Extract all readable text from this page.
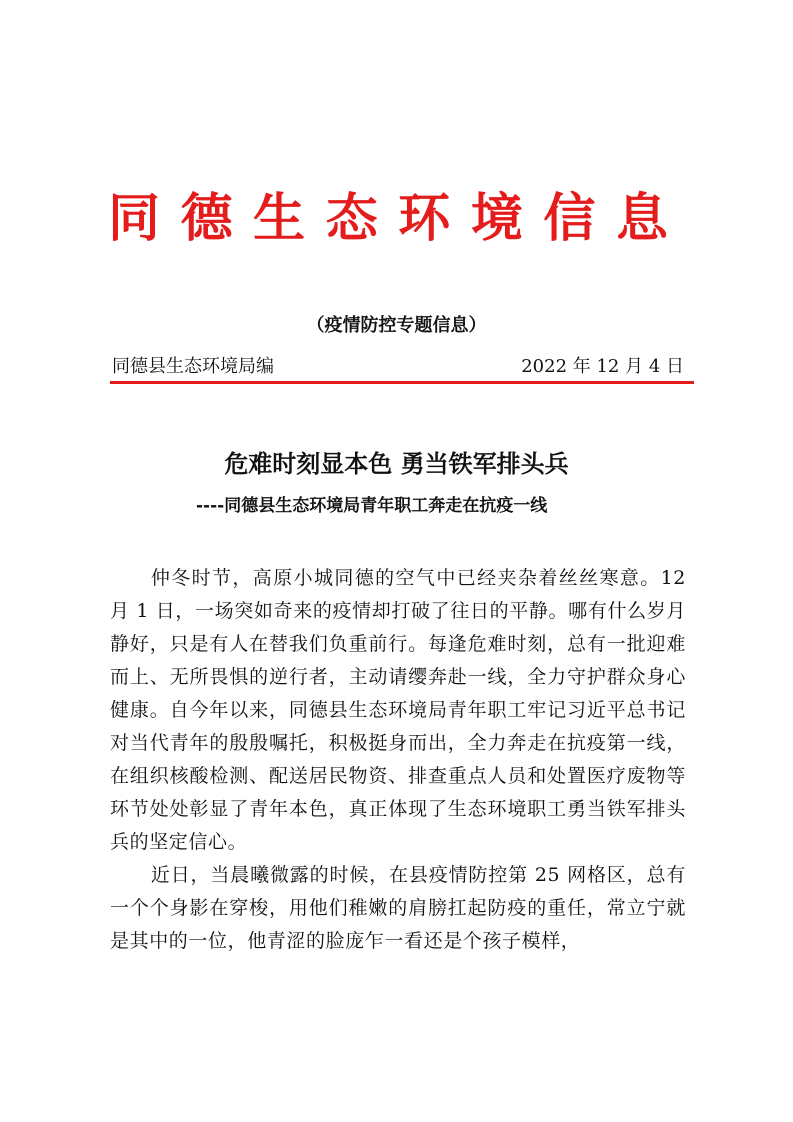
同 德 生 态 环 境 信 息
（疫情防控专题信息）
同德县生态环境局编	2022 年 12 月 4 日
危难时刻显本色 勇当铁军排头兵
----同德县生态环境局青年职工奔走在抗疫一线

仲冬时节，高原小城同德的空气中已经夹杂着丝丝寒意。12 月 1 日，一场突如奇来的疫情却打破了往日的平静。哪有什么岁月静好，只是有人在替我们负重前行。每逢危难时刻，总有一批迎难而上、无所畏惧的逆行者，主动请缨奔赴一线，全力守护群众身心健康。自今年以来，同德县生态环境局青年职工牢记习近平总书记对当代青年的殷殷嘱托，积极挺身而出，全力奔走在抗疫第一线，在组织核酸检测、配送居民物资、排查重点人员和处置医疗废物等环节处处彰显了青年本色，真正体现了生态环境职工勇当铁军排头兵的坚定信心。

近日，当晨曦微露的时候，在县疫情防控第 25 网格区，总有一个个身影在穿梭，用他们稚嫩的肩膀扛起防疫的重任，常立宁就是其中的一位，他青涩的脸庞乍一看还是个孩子模样，
